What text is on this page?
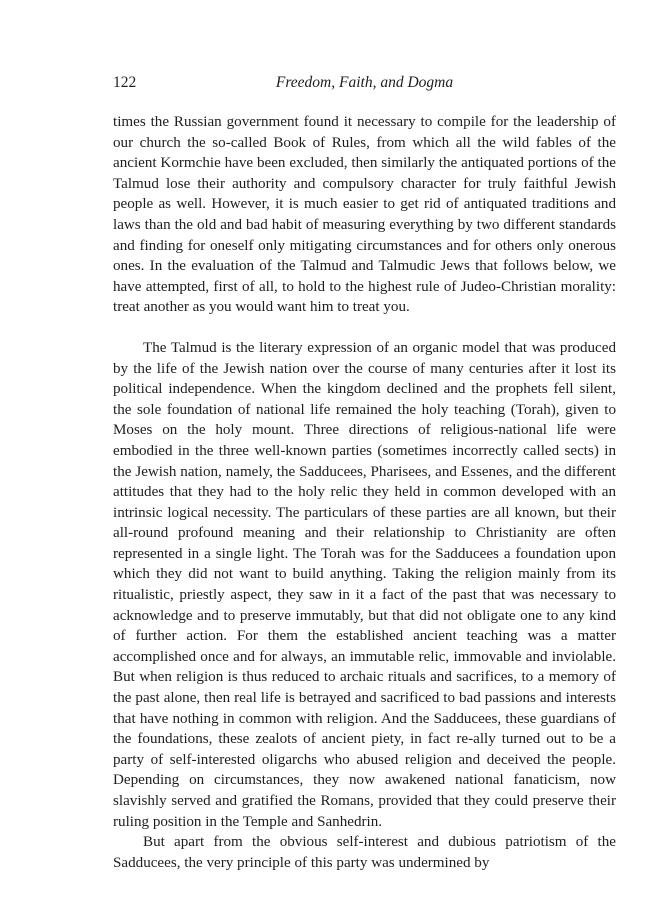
122	Freedom, Faith, and Dogma

times the Russian government found it necessary to compile for the leadership of our church the so-called Book of Rules, from which all the wild fables of the ancient Kormchie have been excluded, then similarly the antiquated portions of the Talmud lose their authority and compulsory character for truly faithful Jewish people as well. However, it is much easier to get rid of antiquated traditions and laws than the old and bad habit of measuring everything by two different standards and finding for oneself only mitigating circumstances and for others only onerous ones. In the evaluation of the Talmud and Talmudic Jews that follows below, we have attempted, first of all, to hold to the highest rule of Judeo-Christian morality: treat another as you would want him to treat you.

The Talmud is the literary expression of an organic model that was produced by the life of the Jewish nation over the course of many centuries after it lost its political independence. When the kingdom declined and the prophets fell silent, the sole foundation of national life remained the holy teaching (Torah), given to Moses on the holy mount. Three directions of religious-national life were embodied in the three well-known parties (sometimes incorrectly called sects) in the Jewish nation, namely, the Sadducees, Pharisees, and Essenes, and the different attitudes that they had to the holy relic they held in common developed with an intrinsic logical necessity. The particulars of these parties are all known, but their all-round profound meaning and their relationship to Christianity are often represented in a single light. The Torah was for the Sadducees a foundation upon which they did not want to build anything. Taking the religion mainly from its ritualistic, priestly aspect, they saw in it a fact of the past that was necessary to acknowledge and to preserve immutably, but that did not obligate one to any kind of further action. For them the established ancient teaching was a matter accomplished once and for always, an immutable relic, immovable and inviolable. But when religion is thus reduced to archaic rituals and sacrifices, to a memory of the past alone, then real life is betrayed and sacrificed to bad passions and interests that have nothing in common with religion. And the Sadducees, these guardians of the foundations, these zealots of ancient piety, in fact re-ally turned out to be a party of self-interested oligarchs who abused religion and deceived the people. Depending on circumstances, they now awakened national fanaticism, now slavishly served and gratified the Romans, provided that they could preserve their ruling position in the Temple and Sanhedrin.

But apart from the obvious self-interest and dubious patriotism of the Sadducees, the very principle of this party was undermined by
